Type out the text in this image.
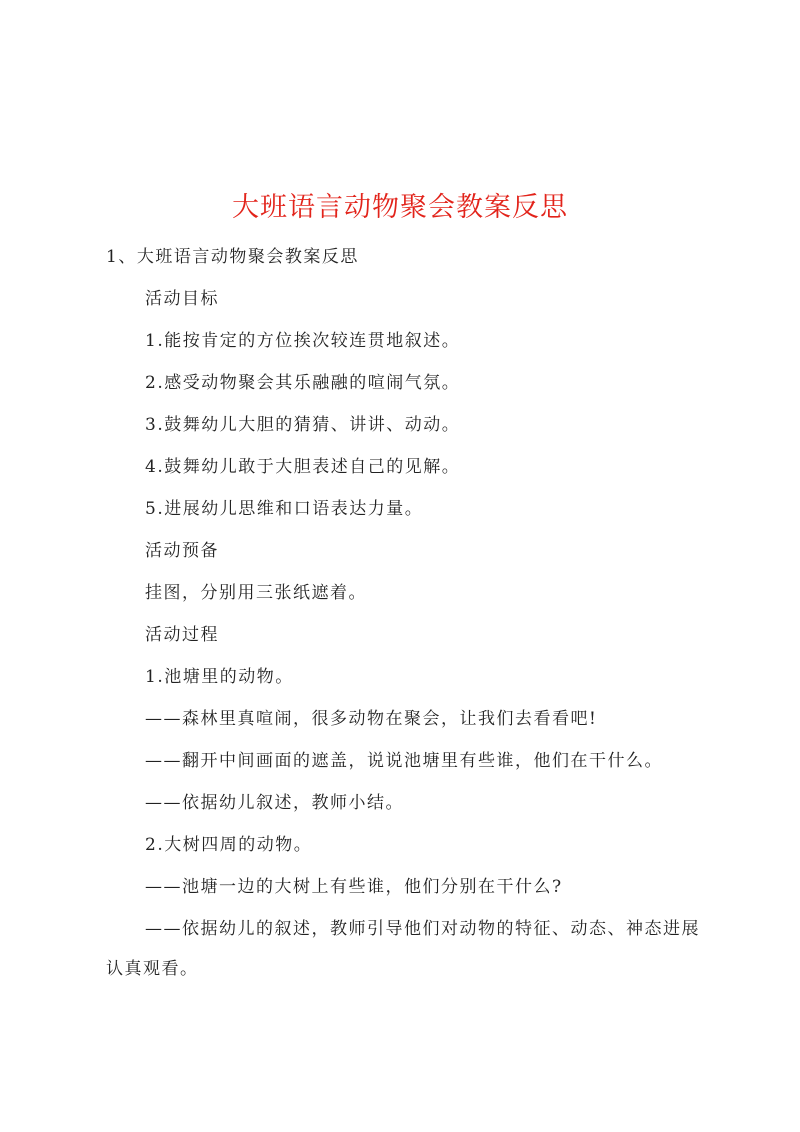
大班语言动物聚会教案反思
1、大班语言动物聚会教案反思
活动目标
1.能按肯定的方位挨次较连贯地叙述。
2.感受动物聚会其乐融融的喧闹气氛。
3.鼓舞幼儿大胆的猜猜、讲讲、动动。
4.鼓舞幼儿敢于大胆表述自己的见解。
5.进展幼儿思维和口语表达力量。
活动预备
挂图，分别用三张纸遮着。
活动过程
1.池塘里的动物。
——森林里真喧闹，很多动物在聚会，让我们去看看吧!
——翻开中间画面的遮盖，说说池塘里有些谁，他们在干什么。
——依据幼儿叙述，教师小结。
2.大树四周的动物。
——池塘一边的大树上有些谁，他们分别在干什么?
——依据幼儿的叙述，教师引导他们对动物的特征、动态、神态进展
认真观看。
